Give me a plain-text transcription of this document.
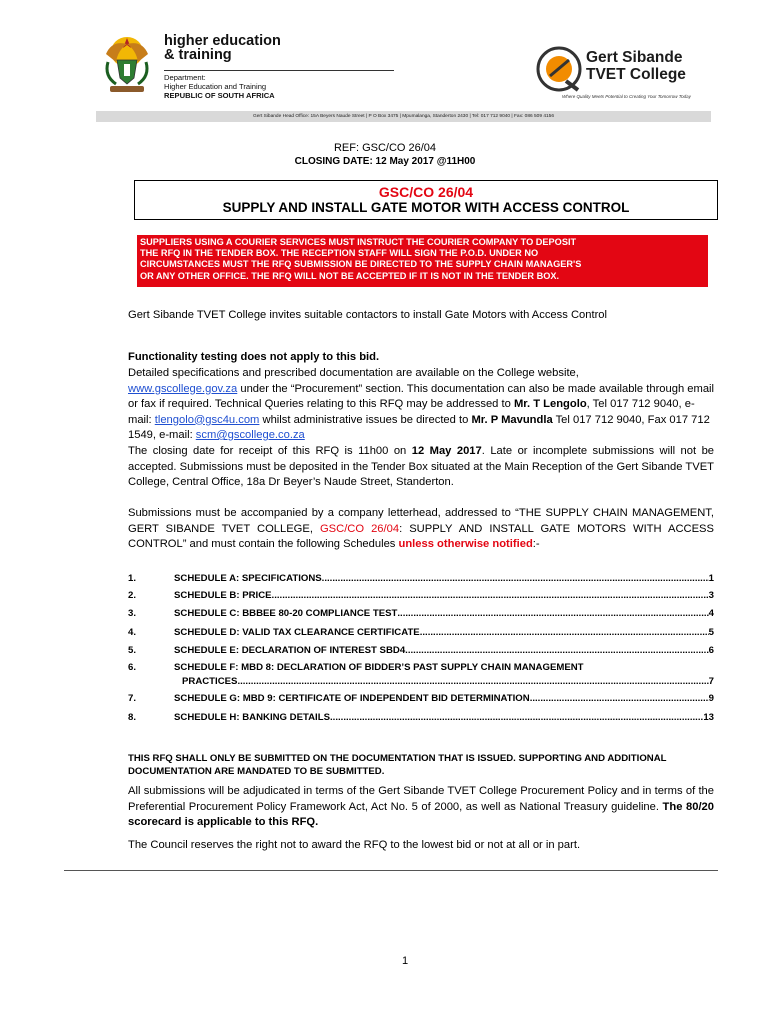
higher education
& training
Department:
Higher Education and Training
REPUBLIC OF SOUTH AFRICA
Gert Sibande
TVET College
Where Quality Meets Potential to Creating Your Tomorrow Today
Gert Sibande Head Office: 15A Beyers Naude Street | P O Box 3475 | Mpumalanga, Standerton 2430 | Tel: 017 712 9040 | Fax: 086 509 4156
REF: GSC/CO 26/04
CLOSING DATE: 12 May 2017 @11H00
GSC/CO 26/04
SUPPLY AND INSTALL GATE MOTOR WITH ACCESS CONTROL
SUPPLIERS USING A COURIER SERVICES MUST INSTRUCT THE COURIER COMPANY TO DEPOSIT
THE RFQ IN THE TENDER BOX. THE RECEPTION STAFF WILL SIGN THE P.O.D. UNDER NO
CIRCUMSTANCES MUST THE RFQ SUBMISSION BE DIRECTED TO THE SUPPLY CHAIN MANAGER'S
OR ANY OTHER OFFICE. THE RFQ WILL NOT BE ACCEPTED IF IT IS NOT IN THE TENDER BOX.
Gert Sibande TVET College invites suitable contactors to install Gate Motors with Access Control
Functionality testing does not apply to this bid.
Detailed specifications and prescribed documentation are available on the College website,
www.gscollege.gov.za under the “Procurement” section. This documentation can also be made available through email or fax if required. Technical Queries relating to this RFQ may be addressed to Mr. T Lengolo, Tel 017 712 9040, e-mail: tlengolo@gsc4u.com whilst administrative issues be directed to Mr. P Mavundla Tel 017 712 9040, Fax 017 712 1549, e-mail: scm@gscollege.co.za
The closing date for receipt of this RFQ is 11h00 on 12 May 2017. Late or incomplete submissions will not be accepted. Submissions must be deposited in the Tender Box situated at the Main Reception of the Gert Sibande TVET College, Central Office, 18a Dr Beyer’s Naude Street, Standerton.
Submissions must be accompanied by a company letterhead, addressed to “THE SUPPLY CHAIN MANAGEMENT, GERT SIBANDE TVET COLLEGE, GSC/CO 26/04: SUPPLY AND INSTALL GATE MOTORS WITH ACCESS CONTROL” and must contain the following Schedules unless otherwise notified:-
1.	SCHEDULE A: SPECIFICATIONS .....	1
2.	SCHEDULE B: PRICE .....	3
3.	SCHEDULE C: BBBEE 80-20 COMPLIANCE TEST .....	4
4.	SCHEDULE D: VALID TAX CLEARANCE CERTIFICATE .....	5
5.	SCHEDULE E: DECLARATION OF INTEREST SBD4 .....	6
6.	SCHEDULE F: MBD 8: DECLARATION OF BIDDER’S PAST SUPPLY CHAIN MANAGEMENT
PRACTICES .....	7
7.	SCHEDULE G: MBD 9: CERTIFICATE OF INDEPENDENT BID DETERMINATION .....	9
8.	SCHEDULE H: BANKING DETAILS .....	13
THIS RFQ SHALL ONLY BE SUBMITTED ON THE DOCUMENTATION THAT IS ISSUED. SUPPORTING AND ADDITIONAL DOCUMENTATION ARE MANDATED TO BE SUBMITTED.
All submissions will be adjudicated in terms of the Gert Sibande TVET College Procurement Policy and in terms of the Preferential Procurement Policy Framework Act, Act No. 5 of 2000, as well as National Treasury guideline. The 80/20 scorecard is applicable to this RFQ.
The Council reserves the right not to award the RFQ to the lowest bid or not at all or in part.
1
